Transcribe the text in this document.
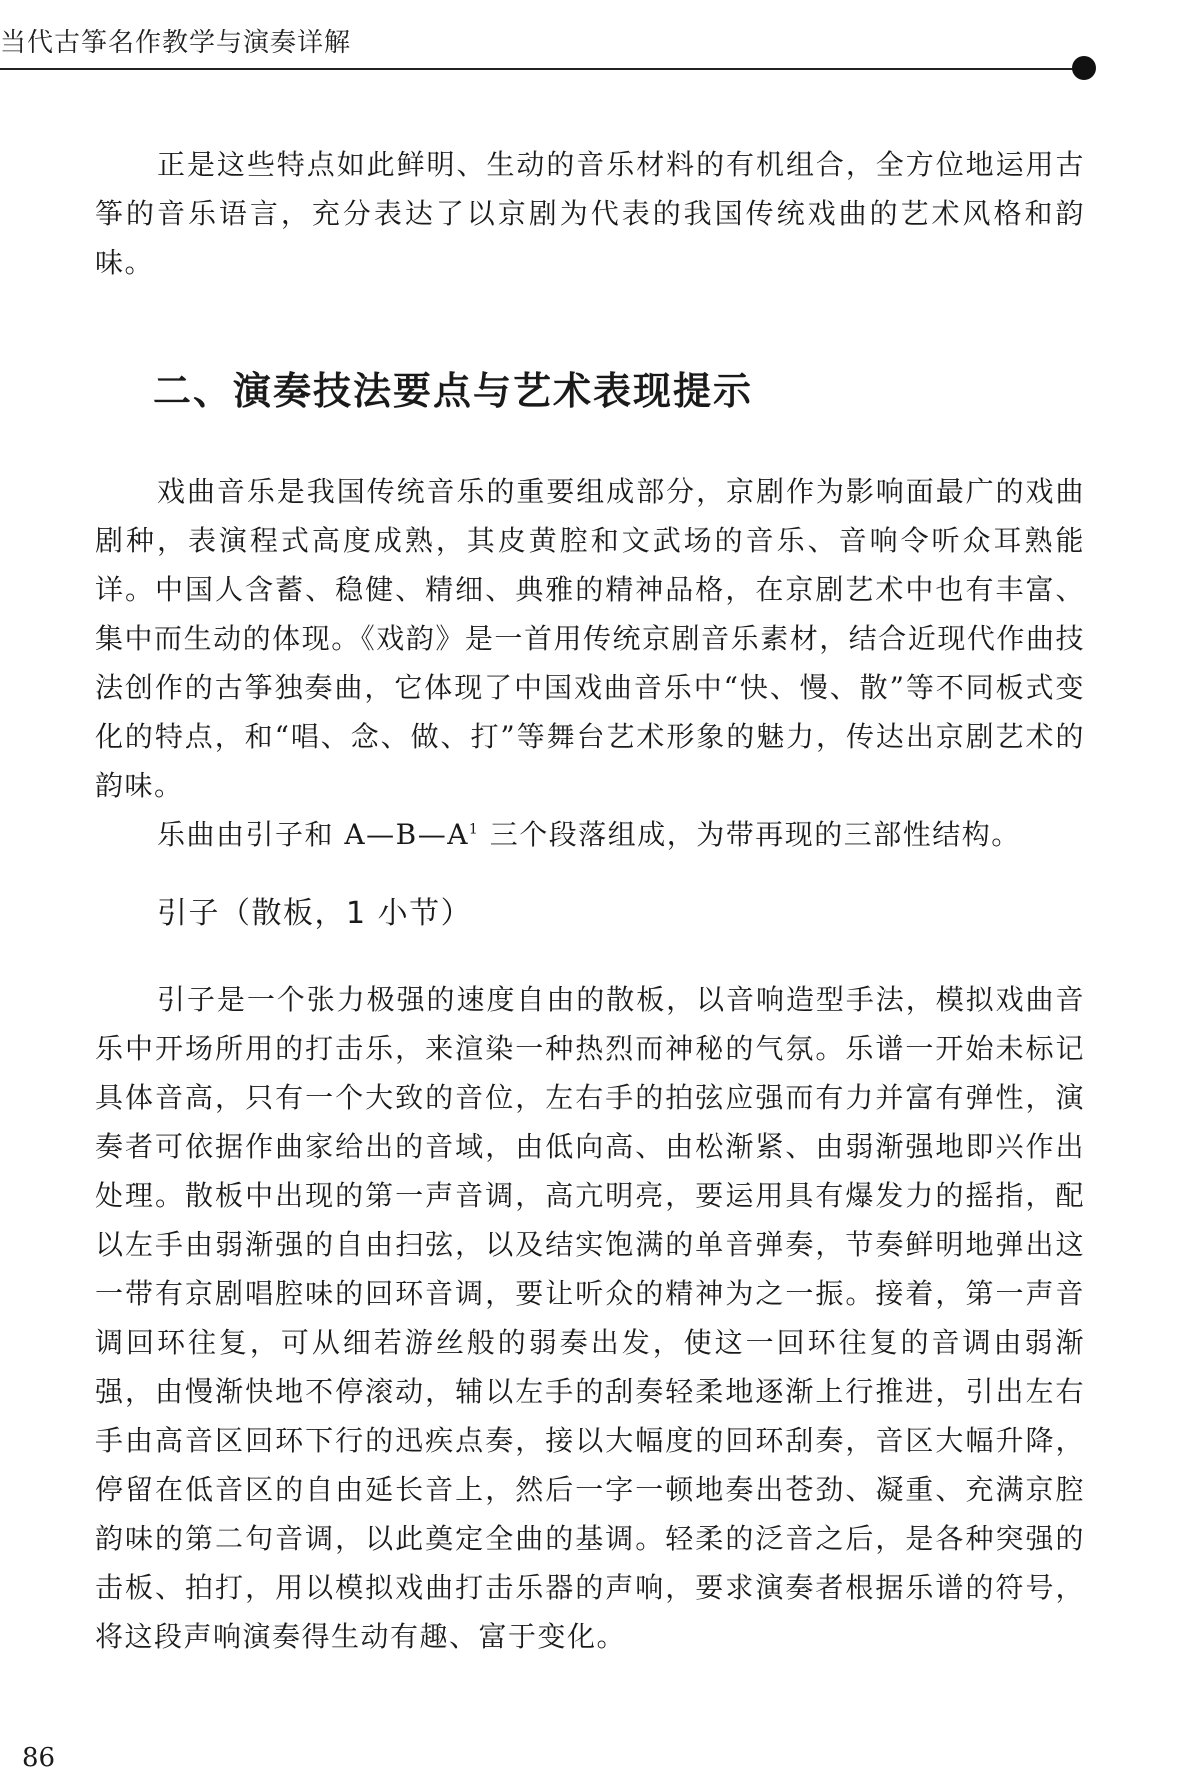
当代古筝名作教学与演奏详解

正是这些特点如此鲜明、生动的音乐材料的有机组合，全方位地运用古筝的音乐语言，充分表达了以京剧为代表的我国传统戏曲的艺术风格和韵味。

二、演奏技法要点与艺术表现提示

戏曲音乐是我国传统音乐的重要组成部分，京剧作为影响面最广的戏曲剧种，表演程式高度成熟，其皮黄腔和文武场的音乐、音响令听众耳熟能详。中国人含蓄、稳健、精细、典雅的精神品格，在京剧艺术中也有丰富、集中而生动的体现。《戏韵》是一首用传统京剧音乐素材，结合近现代作曲技法创作的古筝独奏曲，它体现了中国戏曲音乐中“快、慢、散”等不同板式变化的特点，和“唱、念、做、打”等舞台艺术形象的魅力，传达出京剧艺术的韵味。

乐曲由引子和 $A—B—A^1$ 三个段落组成，为带再现的三部性结构。

引子（散板，1 小节）

引子是一个张力极强的速度自由的散板，以音响造型手法，模拟戏曲音乐中开场所用的打击乐，来渲染一种热烈而神秘的气氛。乐谱一开始未标记具体音高，只有一个大致的音位，左右手的拍弦应强而有力并富有弹性，演奏者可依据作曲家给出的音域，由低向高、由松渐紧、由弱渐强地即兴作出处理。散板中出现的第一声音调，高亢明亮，要运用具有爆发力的摇指，配以左手由弱渐强的自由扫弦，以及结实饱满的单音弹奏，节奏鲜明地弹出这一带有京剧唱腔味的回环音调，要让听众的精神为之一振。接着，第一声音调回环往复，可从细若游丝般的弱奏出发，使这一回环往复的音调由弱渐强，由慢渐快地不停滚动，辅以左手的刮奏轻柔地逐渐上行推进，引出左右手由高音区回环下行的迅疾点奏，接以大幅度的回环刮奏，音区大幅升降，停留在低音区的自由延长音上，然后一字一顿地奏出苍劲、凝重、充满京腔韵味的第二句音调，以此奠定全曲的基调。轻柔的泛音之后，是各种突强的击板、拍打，用以模拟戏曲打击乐器的声响，要求演奏者根据乐谱的符号，将这段声响演奏得生动有趣、富于变化。

86
